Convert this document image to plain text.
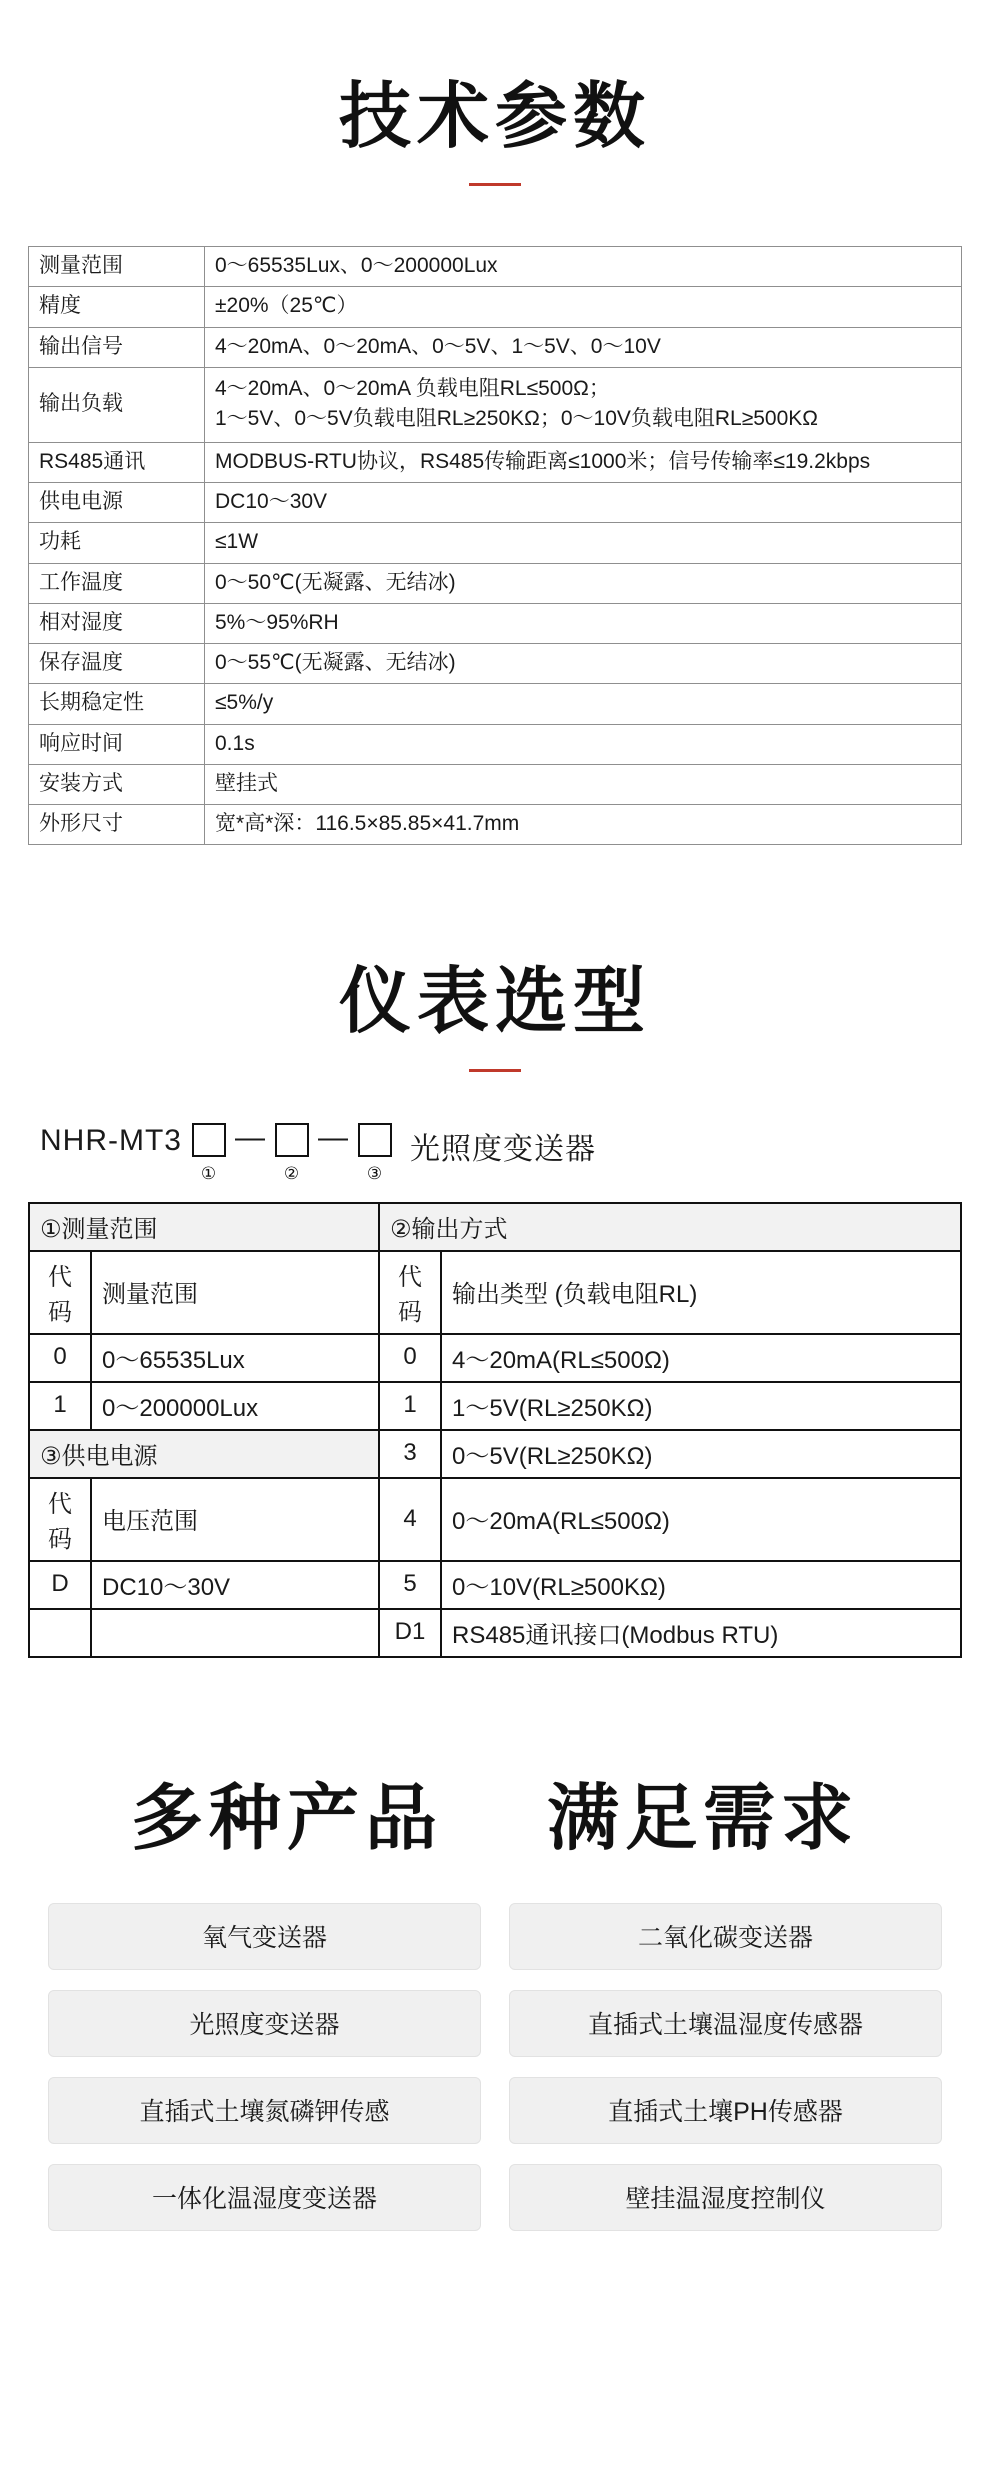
技术参数
测量范围	0～65535Lux、0～200000Lux
精度	±20%（25℃）
输出信号	4～20mA、0～20mA、0～5V、1～5V、0～10V
输出负载	4～20mA、0～20mA 负载电阻RL≤500Ω；
1～5V、0～5V负载电阻RL≥250KΩ；0～10V负载电阻RL≥500KΩ

RS485通讯	MODBUS-RTU协议，RS485传输距离≤1000米；信号传输率≤19.2kbps
供电电源	DC10～30V
功耗	≤1W
工作温度	0～50℃(无凝露、无结冰)
相对湿度	5%～95%RH
保存温度	0～55℃(无凝露、无结冰)
长期稳定性	≤5%/y
响应时间	0.1s
安装方式	壁挂式
外形尺寸	宽*高*深：116.5×85.85×41.7mm
仪表选型
NHR-MT3
①
—
②
—
③
光照度变送器
①测量范围		②输出方式	
代码	测量范围	代码	输出类型 (负载电阻RL)
0	0～65535Lux	0	4～20mA(RL≤500Ω)
1	0～200000Lux	1	1～5V(RL≥250KΩ)
③供电电源		3	0～5V(RL≥250KΩ)
代码	电压范围	4	0～20mA(RL≤500Ω)
D	DC10～30V	5	0～10V(RL≥500KΩ)
		D1	RS485通讯接口(Modbus RTU)
多种产品 满足需求
氧气变送器	二氧化碳变送器
光照度变送器	直插式土壤温湿度传感器
直插式土壤氮磷钾传感	直插式土壤PH传感器
一体化温湿度变送器	壁挂温湿度控制仪
